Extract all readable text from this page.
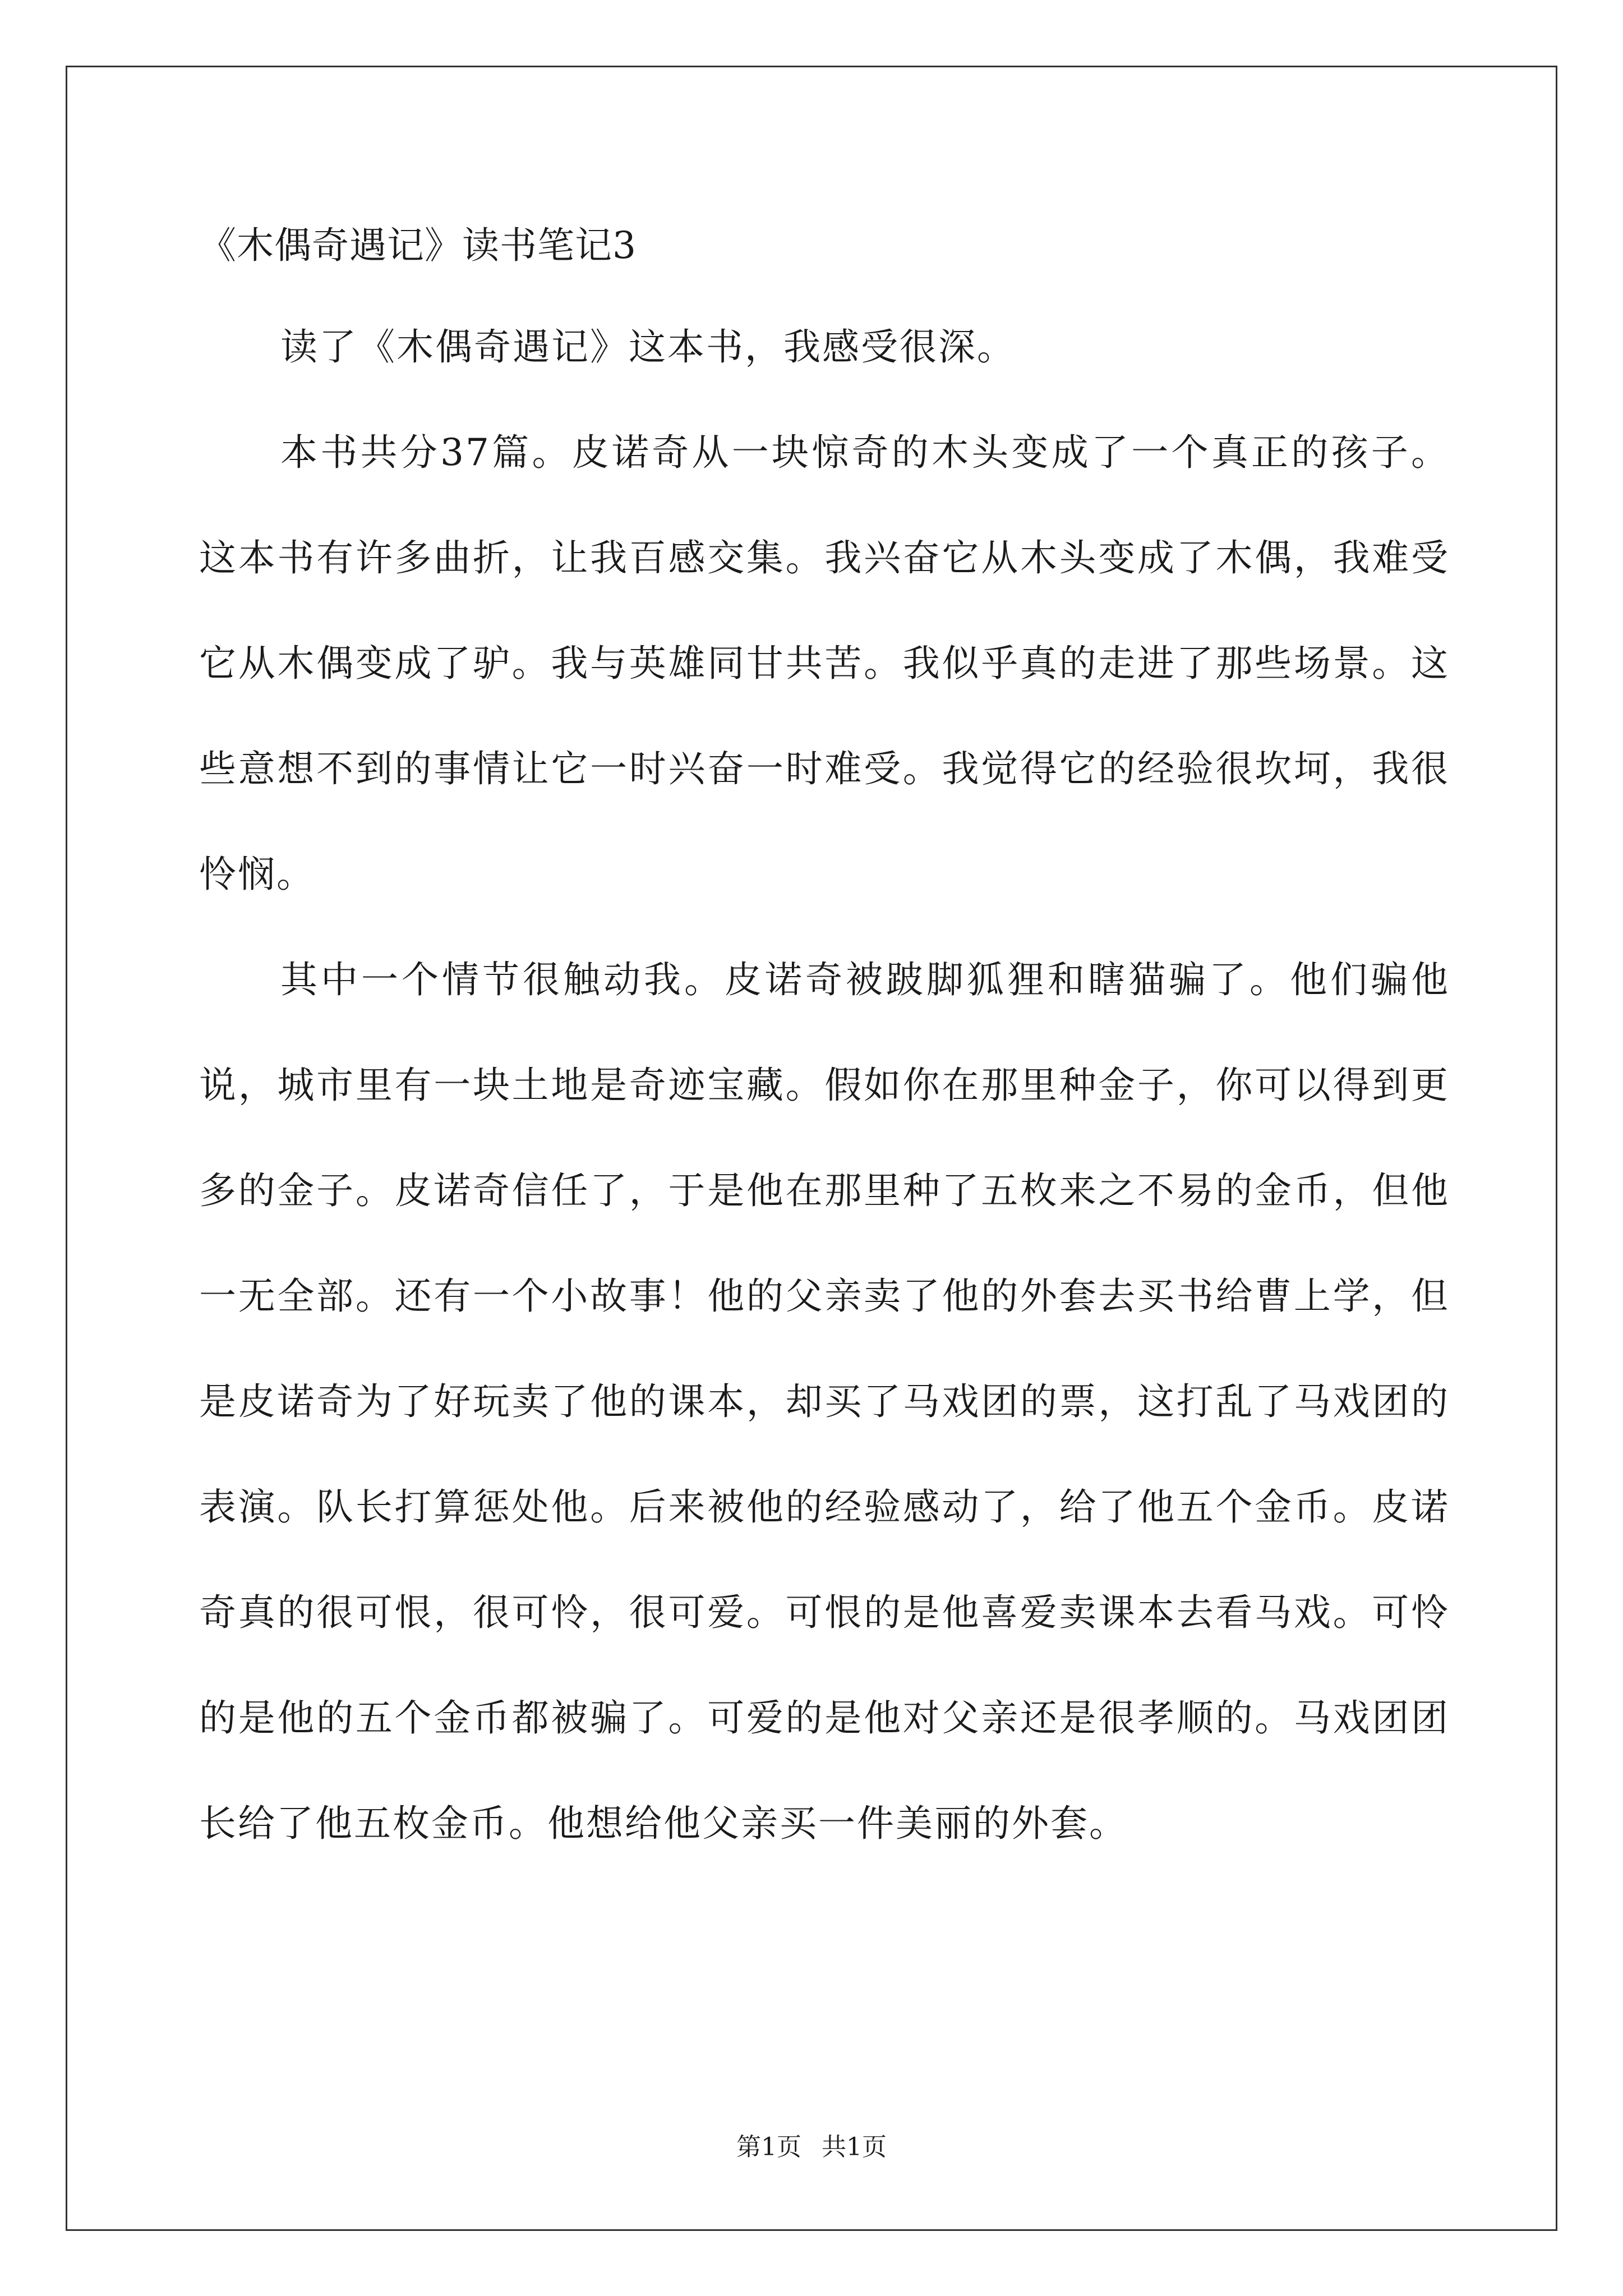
《木偶奇遇记》读书笔记3

读了《木偶奇遇记》这本书，我感受很深。

本书共分37篇。皮诺奇从一块惊奇的木头变成了一个真正的孩子。这本书有许多曲折，让我百感交集。我兴奋它从木头变成了木偶，我难受它从木偶变成了驴。我与英雄同甘共苦。我似乎真的走进了那些场景。这些意想不到的事情让它一时兴奋一时难受。我觉得它的经验很坎坷，我很怜悯。

其中一个情节很触动我。皮诺奇被跛脚狐狸和瞎猫骗了。他们骗他说，城市里有一块土地是奇迹宝藏。假如你在那里种金子，你可以得到更多的金子。皮诺奇信任了，于是他在那里种了五枚来之不易的金币，但他一无全部。还有一个小故事！他的父亲卖了他的外套去买书给曹上学，但是皮诺奇为了好玩卖了他的课本，却买了马戏团的票，这打乱了马戏团的表演。队长打算惩处他。后来被他的经验感动了，给了他五个金币。皮诺奇真的很可恨，很可怜，很可爱。可恨的是他喜爱卖课本去看马戏。可怜的是他的五个金币都被骗了。可爱的是他对父亲还是很孝顺的。马戏团团长给了他五枚金币。他想给他父亲买一件美丽的外套。

第1页 共1页
